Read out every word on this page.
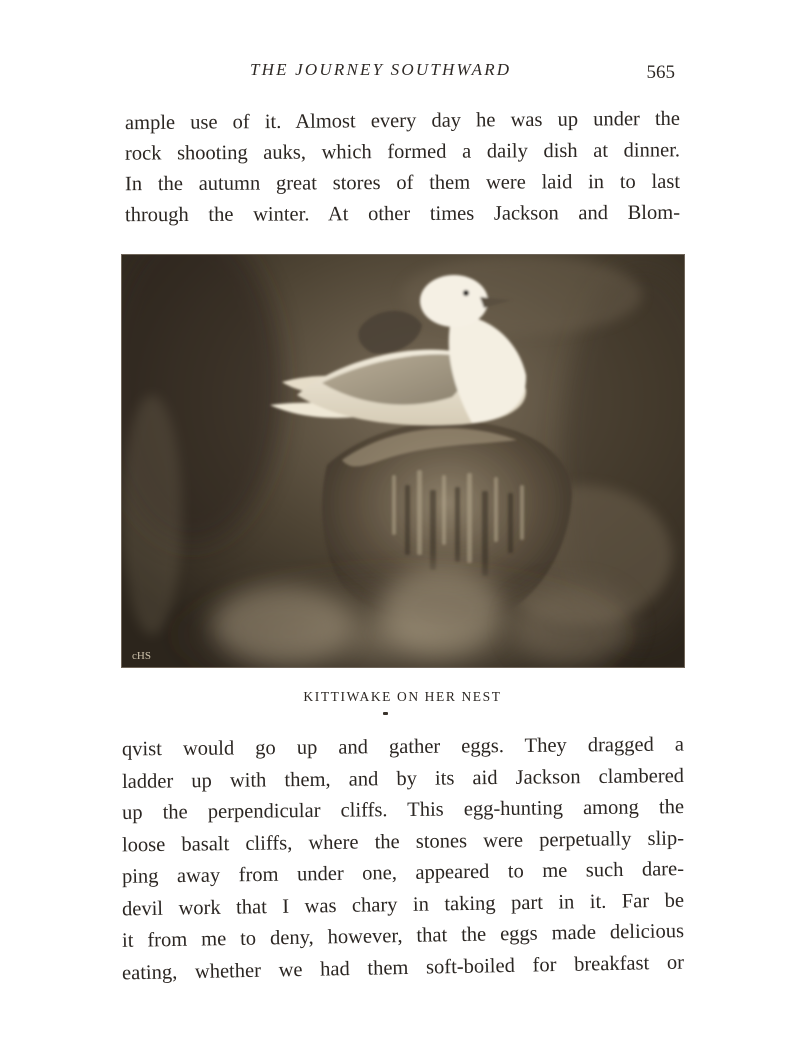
THE JOURNEY SOUTHWARD	565
ample use of it. Almost every day he was up under the
rock shooting auks, which formed a daily dish at dinner.
In the autumn great stores of them were laid in to last
through the winter. At other times Jackson and Blom-
cHS
KITTIWAKE ON HER NEST
qvist would go up and gather eggs. They dragged a
ladder up with them, and by its aid Jackson clambered
up the perpendicular cliffs. This egg-hunting among the
loose basalt cliffs, where the stones were perpetually slip-
ping away from under one, appeared to me such dare-
devil work that I was chary in taking part in it. Far be
it from me to deny, however, that the eggs made delicious
eating, whether we had them soft-boiled for breakfast or
